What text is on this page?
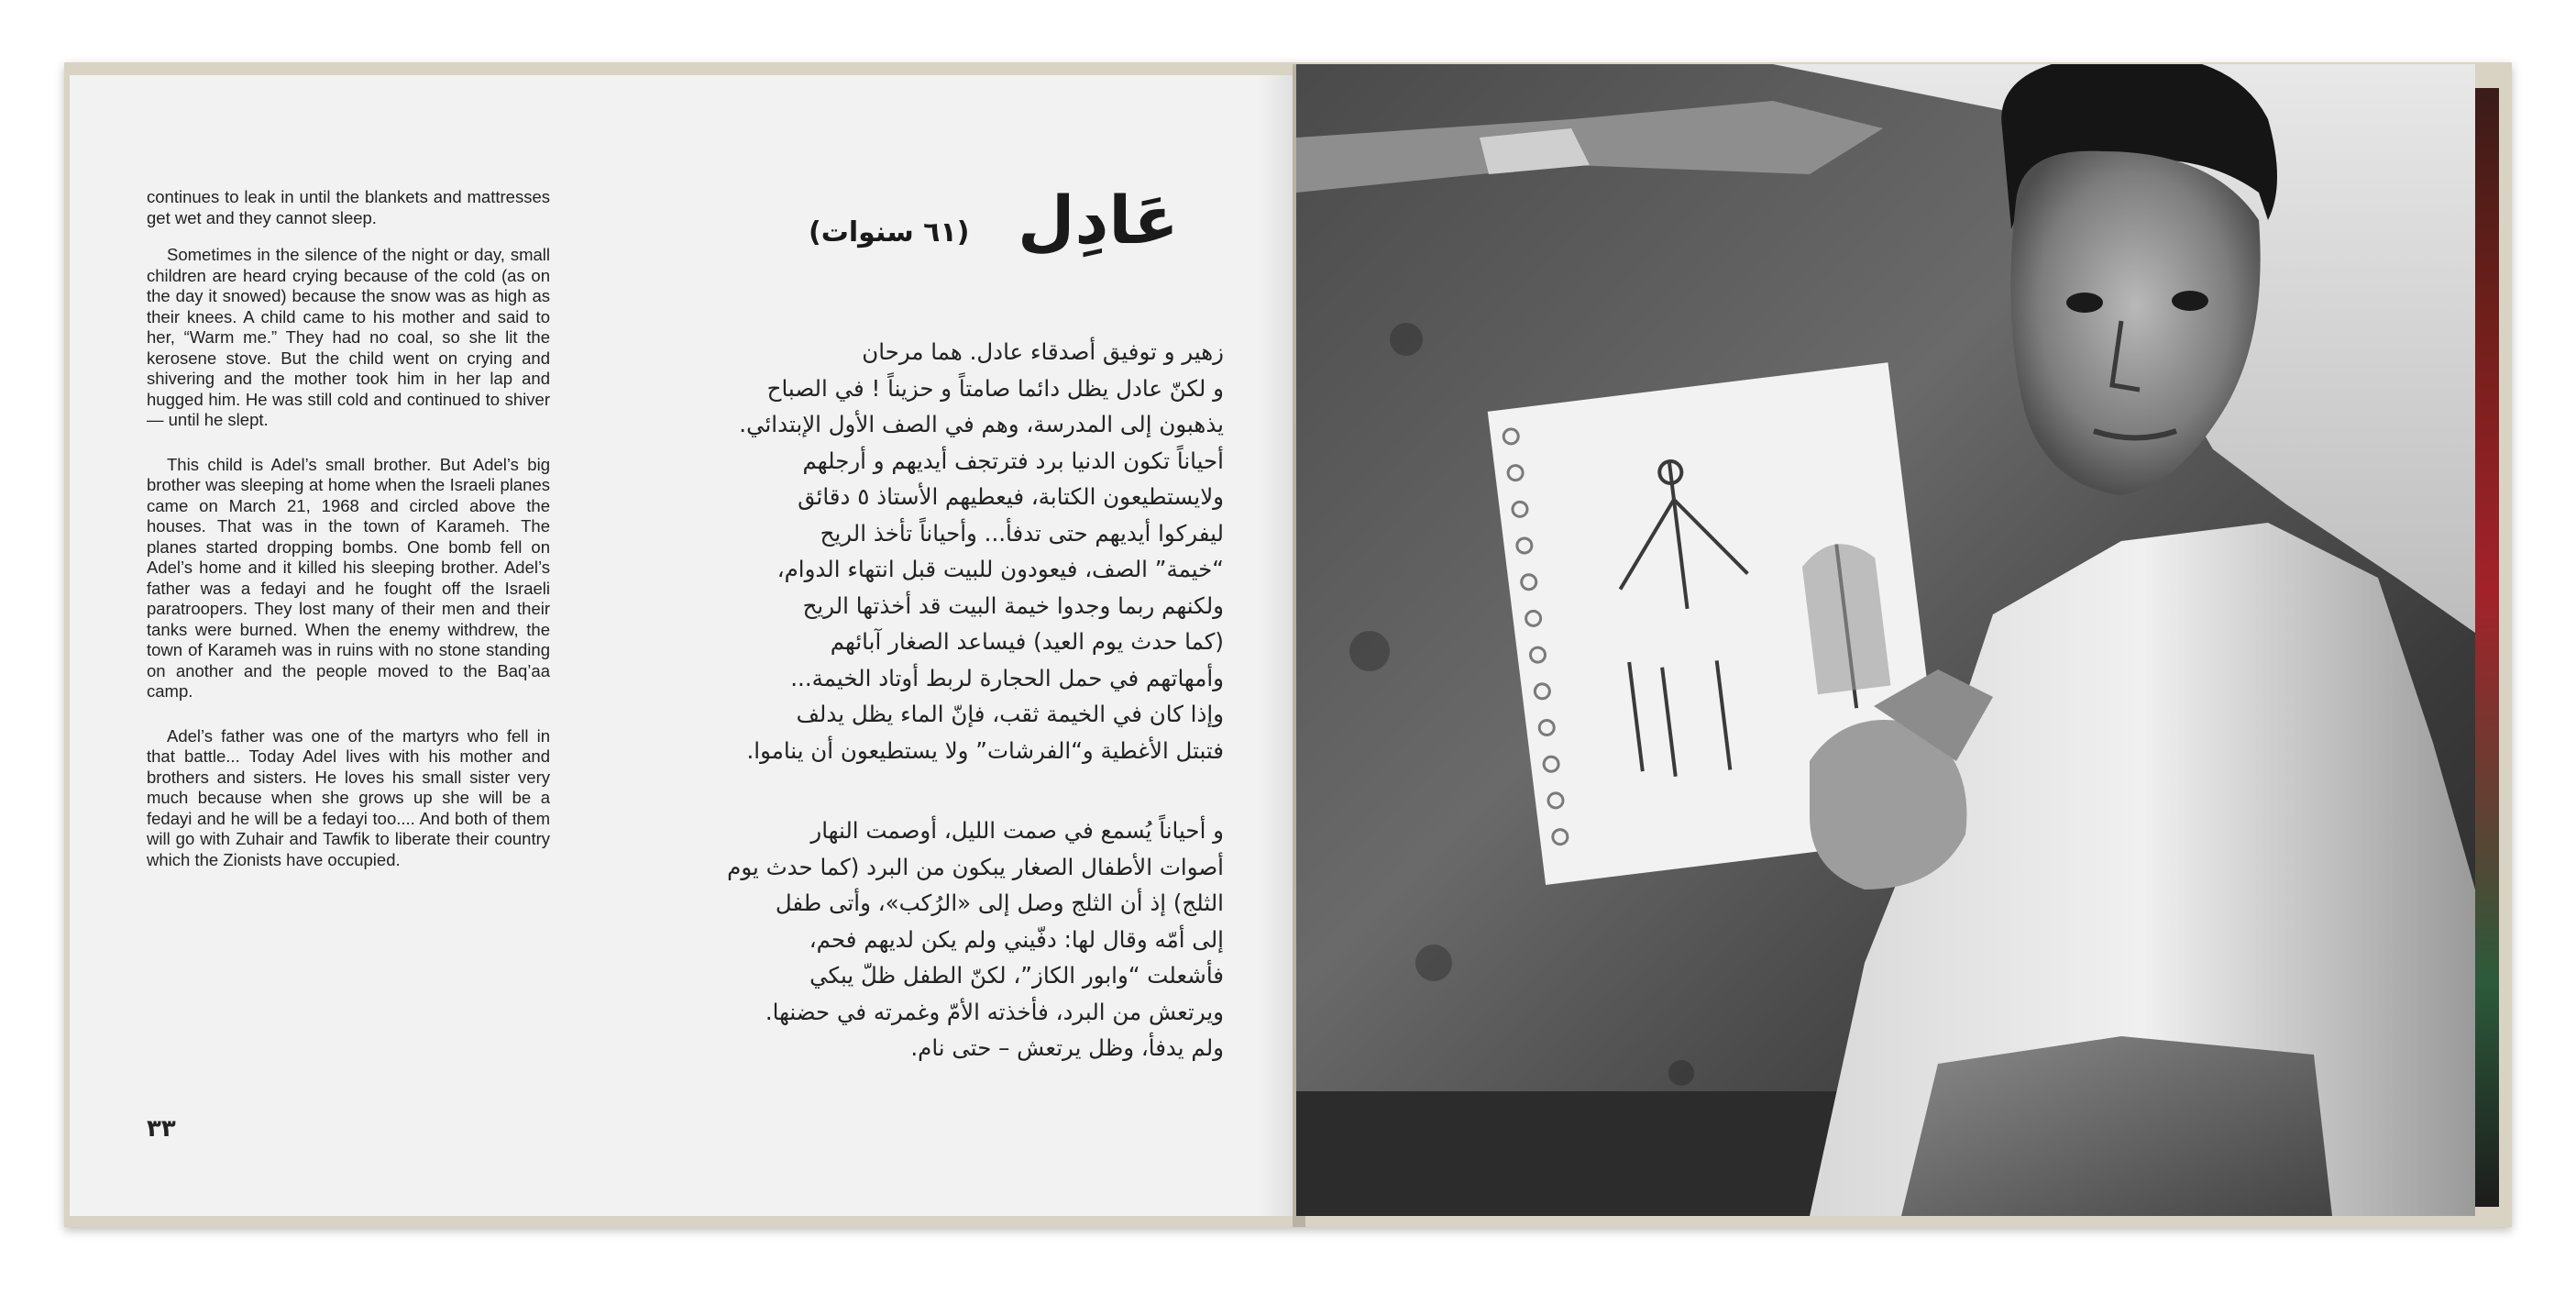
continues to leak in until the blankets and mattresses get wet and they cannot sleep.

Sometimes in the silence of the night or day, small children are heard crying because of the cold (as on the day it snowed) because the snow was as high as their knees. A child came to his mother and said to her, “Warm me.” They had no coal, so she lit the kerosene stove. But the child went on crying and shivering and the mother took him in her lap and hugged him. He was still cold and continued to shiver — until he slept.

This child is Adel’s small brother. But Adel’s big brother was sleeping at home when the Israeli planes came on March 21, 1968 and circled above the houses. That was in the town of Karameh. The planes started dropping bombs. One bomb fell on Adel’s home and it killed his sleeping brother. Adel’s father was a fedayi and he fought off the Israeli paratroopers. They lost many of their men and their tanks were burned. When the enemy withdrew, the town of Karameh was in ruins with no stone standing on another and the people moved to the Baq’aa camp.

Adel’s father was one of the martyrs who fell in that battle... Today Adel lives with his mother and brothers and sisters. He loves his small sister very much because when she grows up she will be a fedayi and he will be a fedayi too.... And both of them will go with Zuhair and Tawfik to liberate their country which the Zionists have occupied.

٣٣
عَادِل
(٦١ سنوات)
زهير و توفيق أصدقاء عادل. هما مرحان
و لكنّ عادل يظل دائما صامتاً و حزيناً ! في الصباح
يذهبون إلى المدرسة، وهم في الصف الأول الإبتدائي.
أحياناً تكون الدنيا برد فترتجف أيديهم و أرجلهم
ولايستطيعون الكتابة، فيعطيهم الأستاذ ٥ دقائق
ليفركوا أيديهم حتى تدفأ... وأحياناً تأخذ الريح
“خيمة” الصف، فيعودون للبيت قبل انتهاء الدوام،
ولكنهم ربما وجدوا خيمة البيت قد أخذتها الريح
(كما حدث يوم العيد) فيساعد الصغار آبائهم
وأمهاتهم في حمل الحجارة لربط أوتاد الخيمة...
وإذا كان في الخيمة ثقب، فإنّ الماء يظل يدلف
فتبتل الأغطية و“الفرشات” ولا يستطيعون أن يناموا.
و أحياناً يُسمع في صمت الليل، أوصمت النهار
أصوات الأطفال الصغار يبكون من البرد (كما حدث يوم
الثلج) إذ أن الثلج وصل إلى «الرُكب»، وأتى طفل
إلى أمّه وقال لها: دفّيني ولم يكن لديهم فحم،
فأشعلت “وابور الكاز”، لكنّ الطفل ظلّ يبكي
ويرتعش من البرد، فأخذته الأمّ وغمرته في حضنها.
ولم يدفأ، وظل يرتعش – حتى نام.
